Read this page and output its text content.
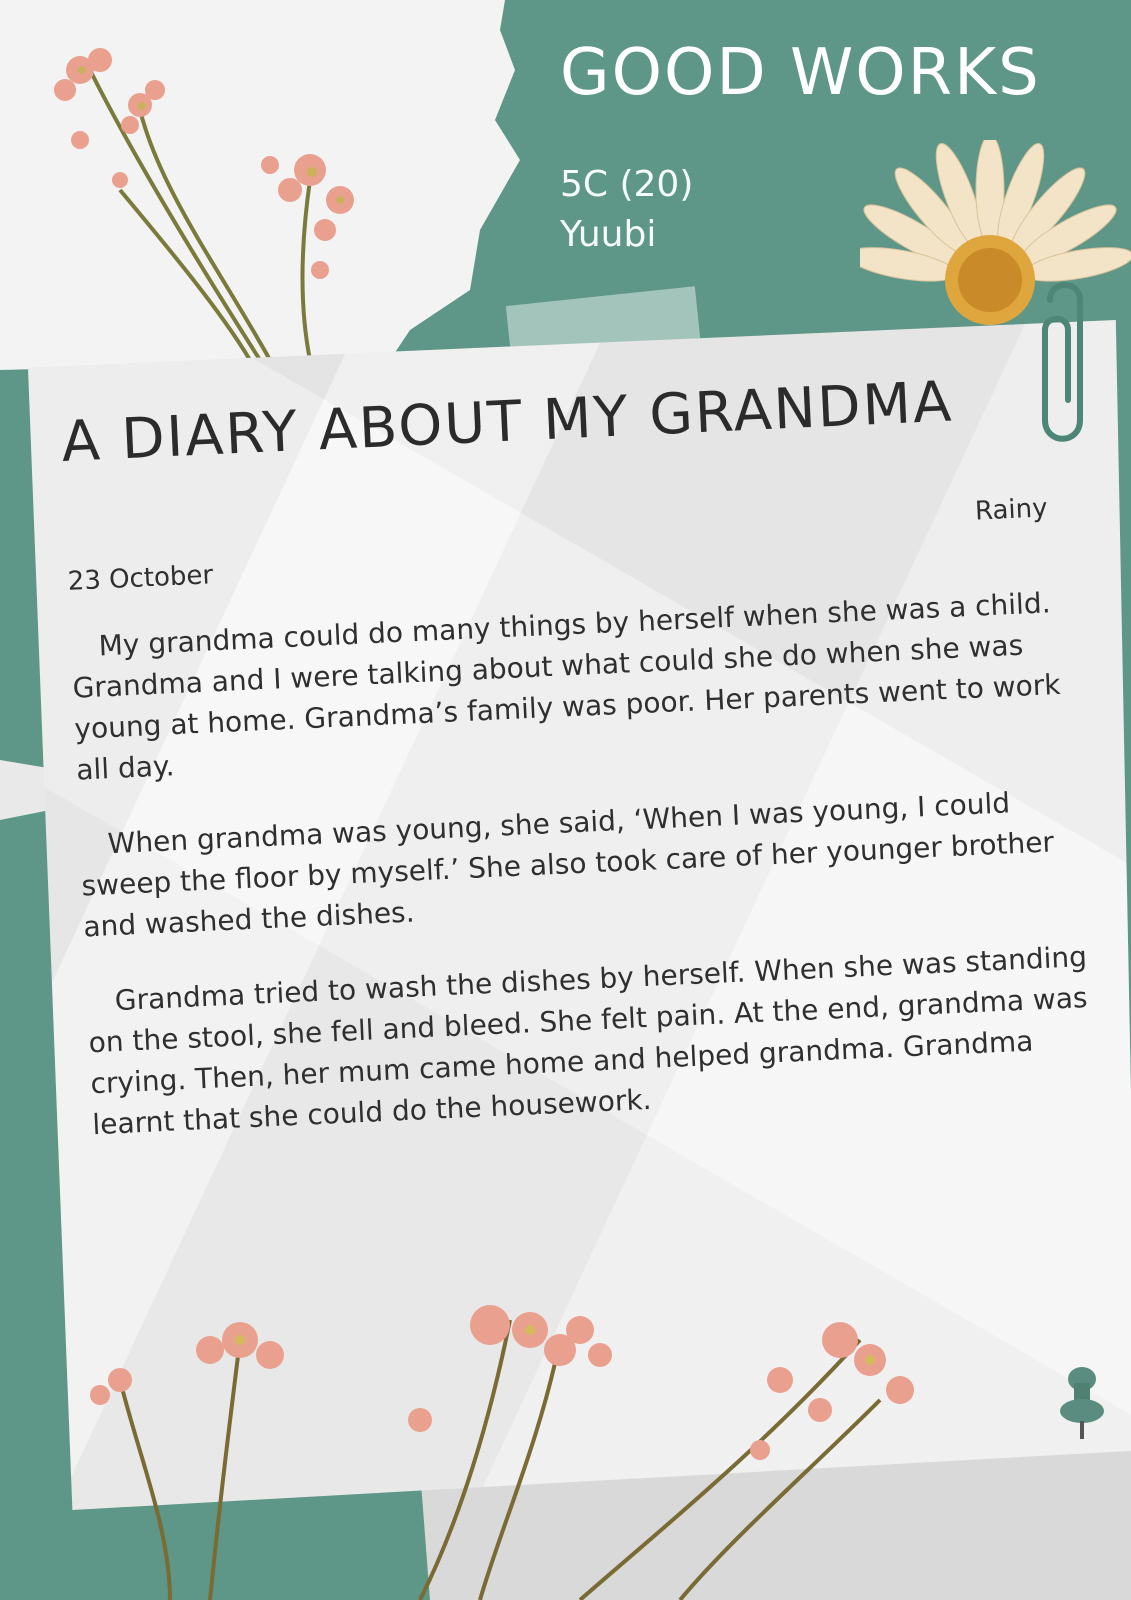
GOOD WORKS
5C (20)
Yuubi
A DIARY ABOUT MY GRANDMA
Rainy
23 October

My grandma could do many things by herself when she was a child. Grandma and I were talking about what could she do when she was young at home. Grandma’s family was poor. Her parents went to work all day.

When grandma was young, she said, ‘When I was young, I could sweep the floor by myself.’ She also took care of her younger brother and washed the dishes.

Grandma tried to wash the dishes by herself. When she was standing on the stool, she fell and bleed. She felt pain. At the end, grandma was crying. Then, her mum came home and helped grandma. Grandma learnt that she could do the housework.
